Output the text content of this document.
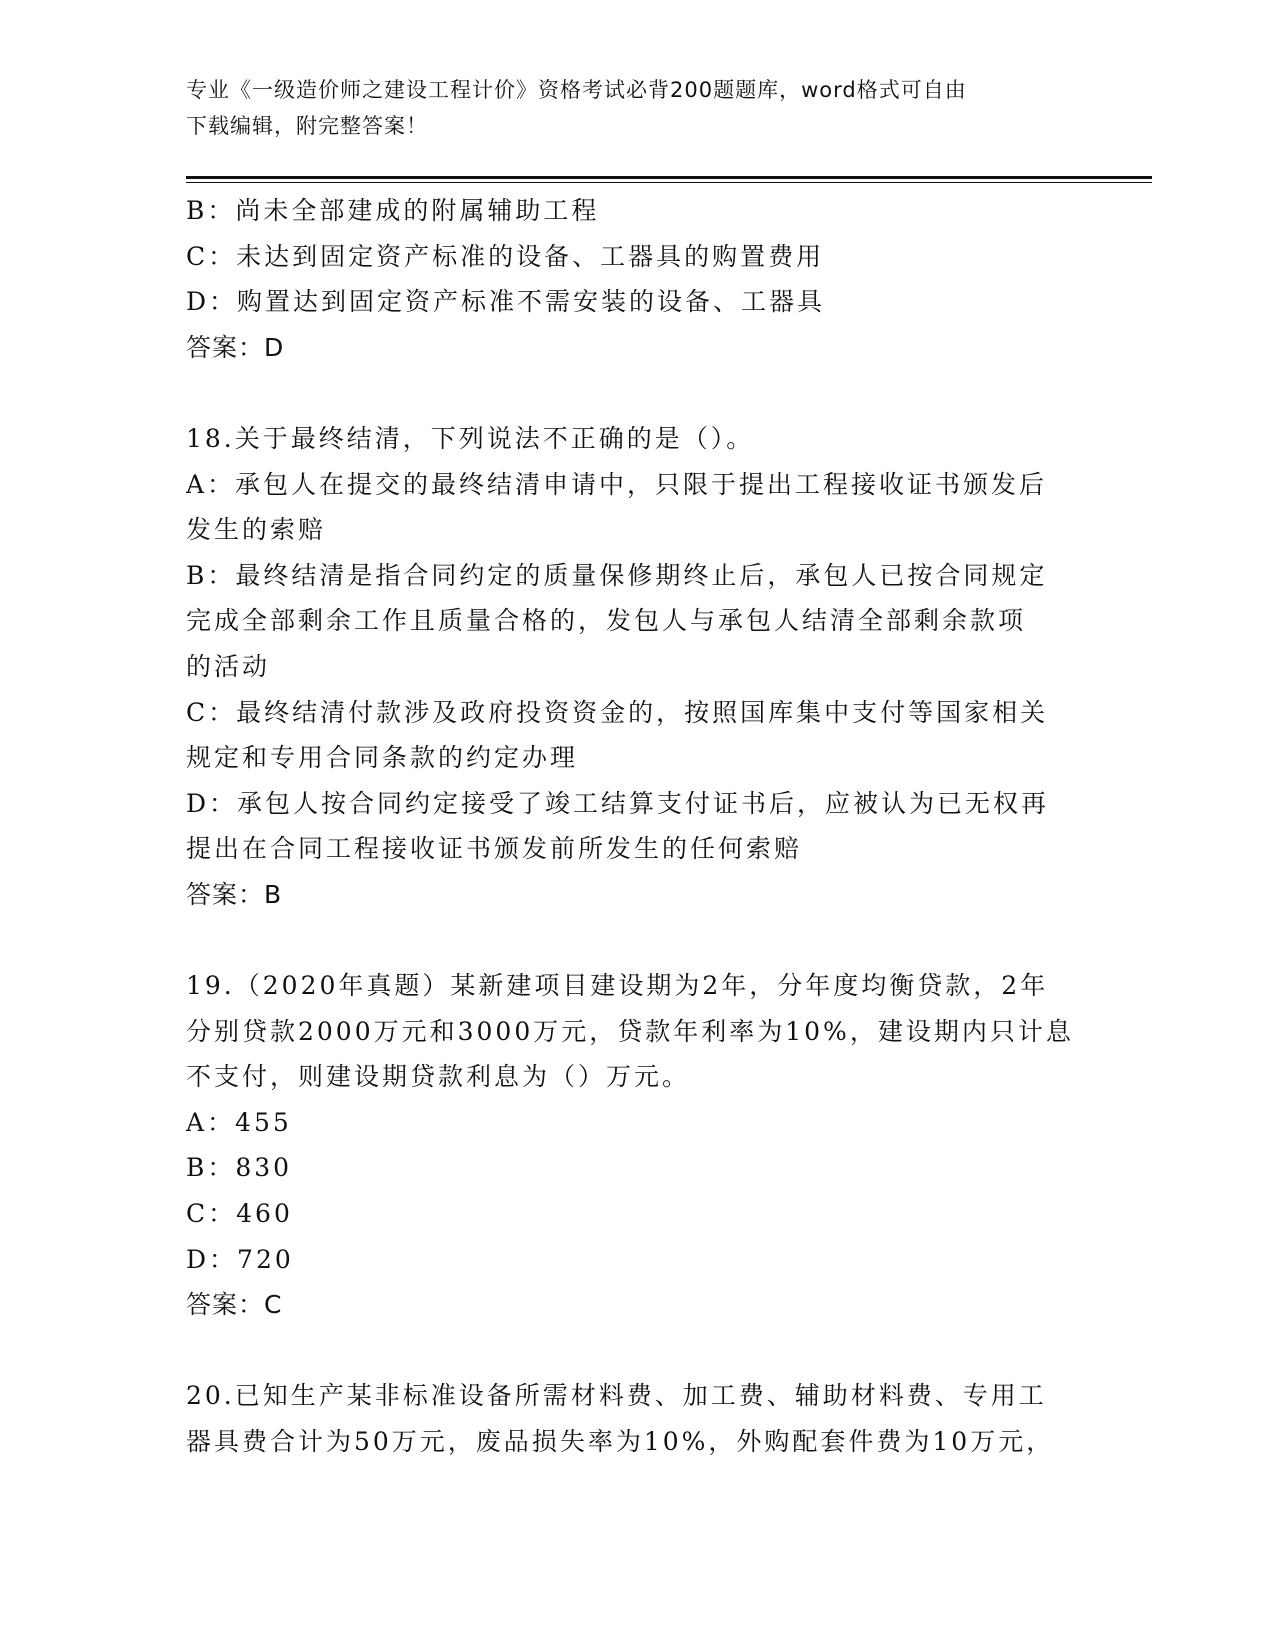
专业《一级造价师之建设工程计价》资格考试必背200题题库，word格式可自由
下载编辑，附完整答案！

B：尚未全部建成的附属辅助工程

C：未达到固定资产标准的设备、工器具的购置费用

D：购置达到固定资产标准不需安装的设备、工器具

答案：D

18.关于最终结清，下列说法不正确的是（）。

A：承包人在提交的最终结清申请中，只限于提出工程接收证书颁发后

发生的索赔

B：最终结清是指合同约定的质量保修期终止后，承包人已按合同规定

完成全部剩余工作且质量合格的，发包人与承包人结清全部剩余款项

的活动

C：最终结清付款涉及政府投资资金的，按照国库集中支付等国家相关

规定和专用合同条款的约定办理

D：承包人按合同约定接受了竣工结算支付证书后，应被认为已无权再

提出在合同工程接收证书颁发前所发生的任何索赔

答案：B

19.（2020年真题）某新建项目建设期为2年，分年度均衡贷款，2年

分别贷款2000万元和3000万元，贷款年利率为10%，建设期内只计息

不支付，则建设期贷款利息为（）万元。

A：455

B：830

C：460

D：720

答案：C

20.已知生产某非标准设备所需材料费、加工费、辅助材料费、专用工

器具费合计为50万元，废品损失率为10%，外购配套件费为10万元，
